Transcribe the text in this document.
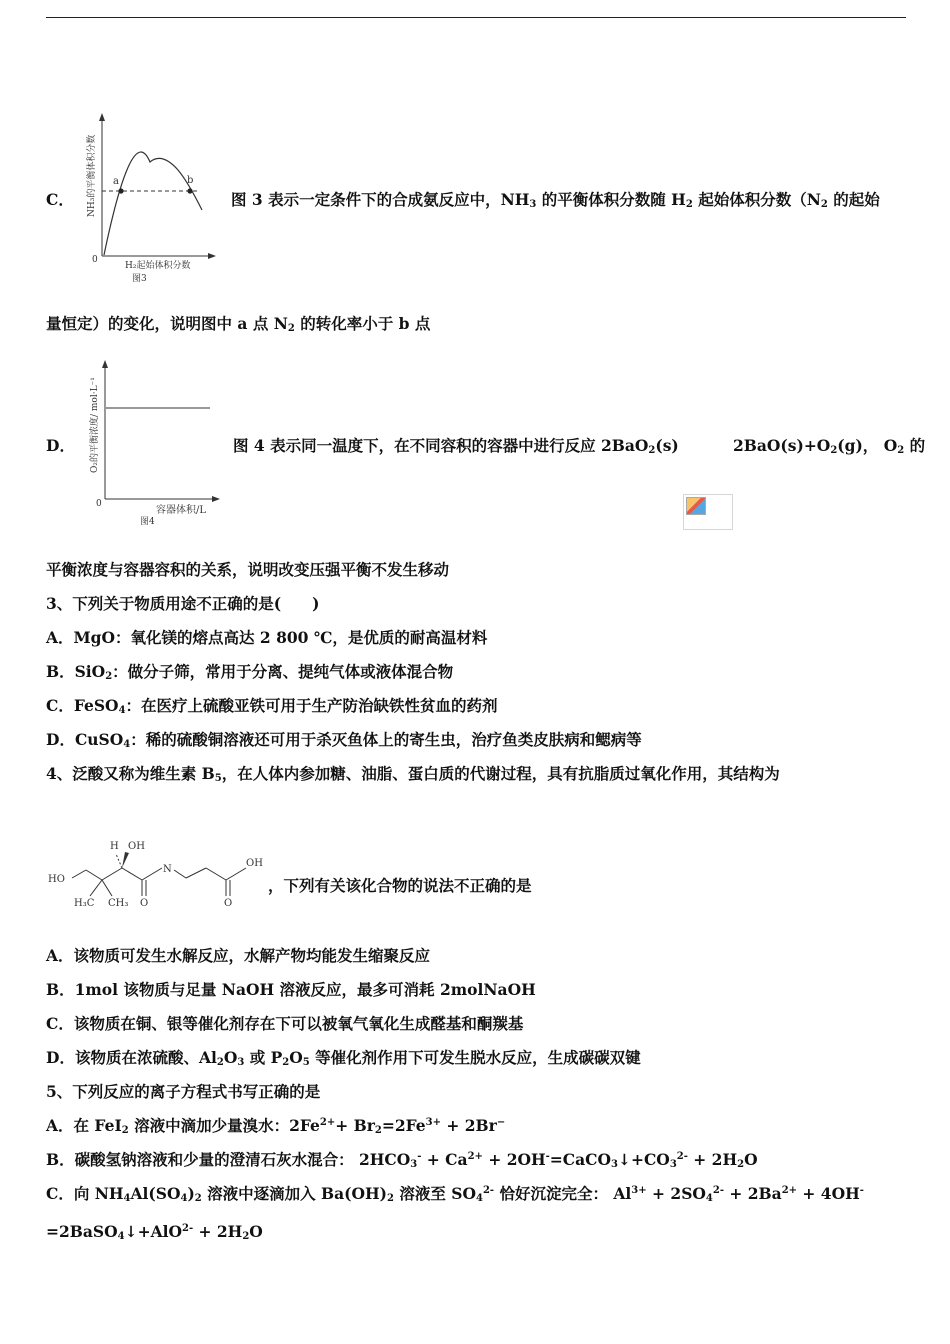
C．
a	b
0
NH₃的平衡体积分数
H₂起始体积分数
图3
图 3 表示一定条件下的合成氨反应中，$NH_3$ 的平衡体积分数随 $H_2$ 起始体积分数（$N_2$ 的起始
量恒定）的变化，说明图中 a 点 $N_2$ 的转化率小于 b 点
D．
0
O₂的平衡浓度/ mol·L⁻¹
容器体积/L
图4
图 4 表示同一温度下，在不同容积的容器中进行反应 2BaO$_2$(s)	$2BaO(s)+O_2(g)$， $O_2$ 的
平衡浓度与容器容积的关系，说明改变压强平衡不发生移动
3、下列关于物质用途不正确的是(　　)
A．MgO：氧化镁的熔点高达 2 800 ℃，是优质的耐高温材料
B．SiO$_2$：做分子筛，常用于分离、提纯气体或液体混合物
C．FeSO$_4$：在医疗上硫酸亚铁可用于生产防治缺铁性贫血的药剂
D．CuSO$_4$：稀的硫酸铜溶液还可用于杀灭鱼体上的寄生虫，治疗鱼类皮肤病和鳃病等
4、泛酸又称为维生素 $B_5$，在人体内参加糖、油脂、蛋白质的代谢过程，具有抗脂质过氧化作用，其结构为
H OH
N
OH
HO
H₃C CH₃ O	O
，下列有关该化合物的说法不正确的是
A．该物质可发生水解反应，水解产物均能发生缩聚反应
B．1mol 该物质与足量 NaOH 溶液反应，最多可消耗 2molNaOH
C．该物质在铜、银等催化剂存在下可以被氧气氧化生成醛基和酮羰基
D．该物质在浓硫酸、$Al_2O_3$ 或 $P_2O_5$ 等催化剂作用下可发生脱水反应，生成碳碳双键
5、下列反应的离子方程式书写正确的是
A．在 FeI$_2$ 溶液中滴加少量溴水：$2Fe^{2+}+ Br_2=2Fe^{3+} + 2Br^-$
B．碳酸氢钠溶液和少量的澄清石灰水混合： $2HCO_3^- + Ca^{2+}$ + $2OH^-=CaCO_3↓+CO_3^{2-} + 2H_2O$
C．向 $NH_4Al(SO_4)_2$ 溶液中逐滴加入 $Ba(OH)_2$ 溶液至 $SO_4^{2-}$ 恰好沉淀完全： $Al^{3+} + 2SO_4^{2-} + 2Ba^{2+} + 4OH^-$
=2BaSO$_4$↓+AlO$^{2-}$ + $2H_2O$
